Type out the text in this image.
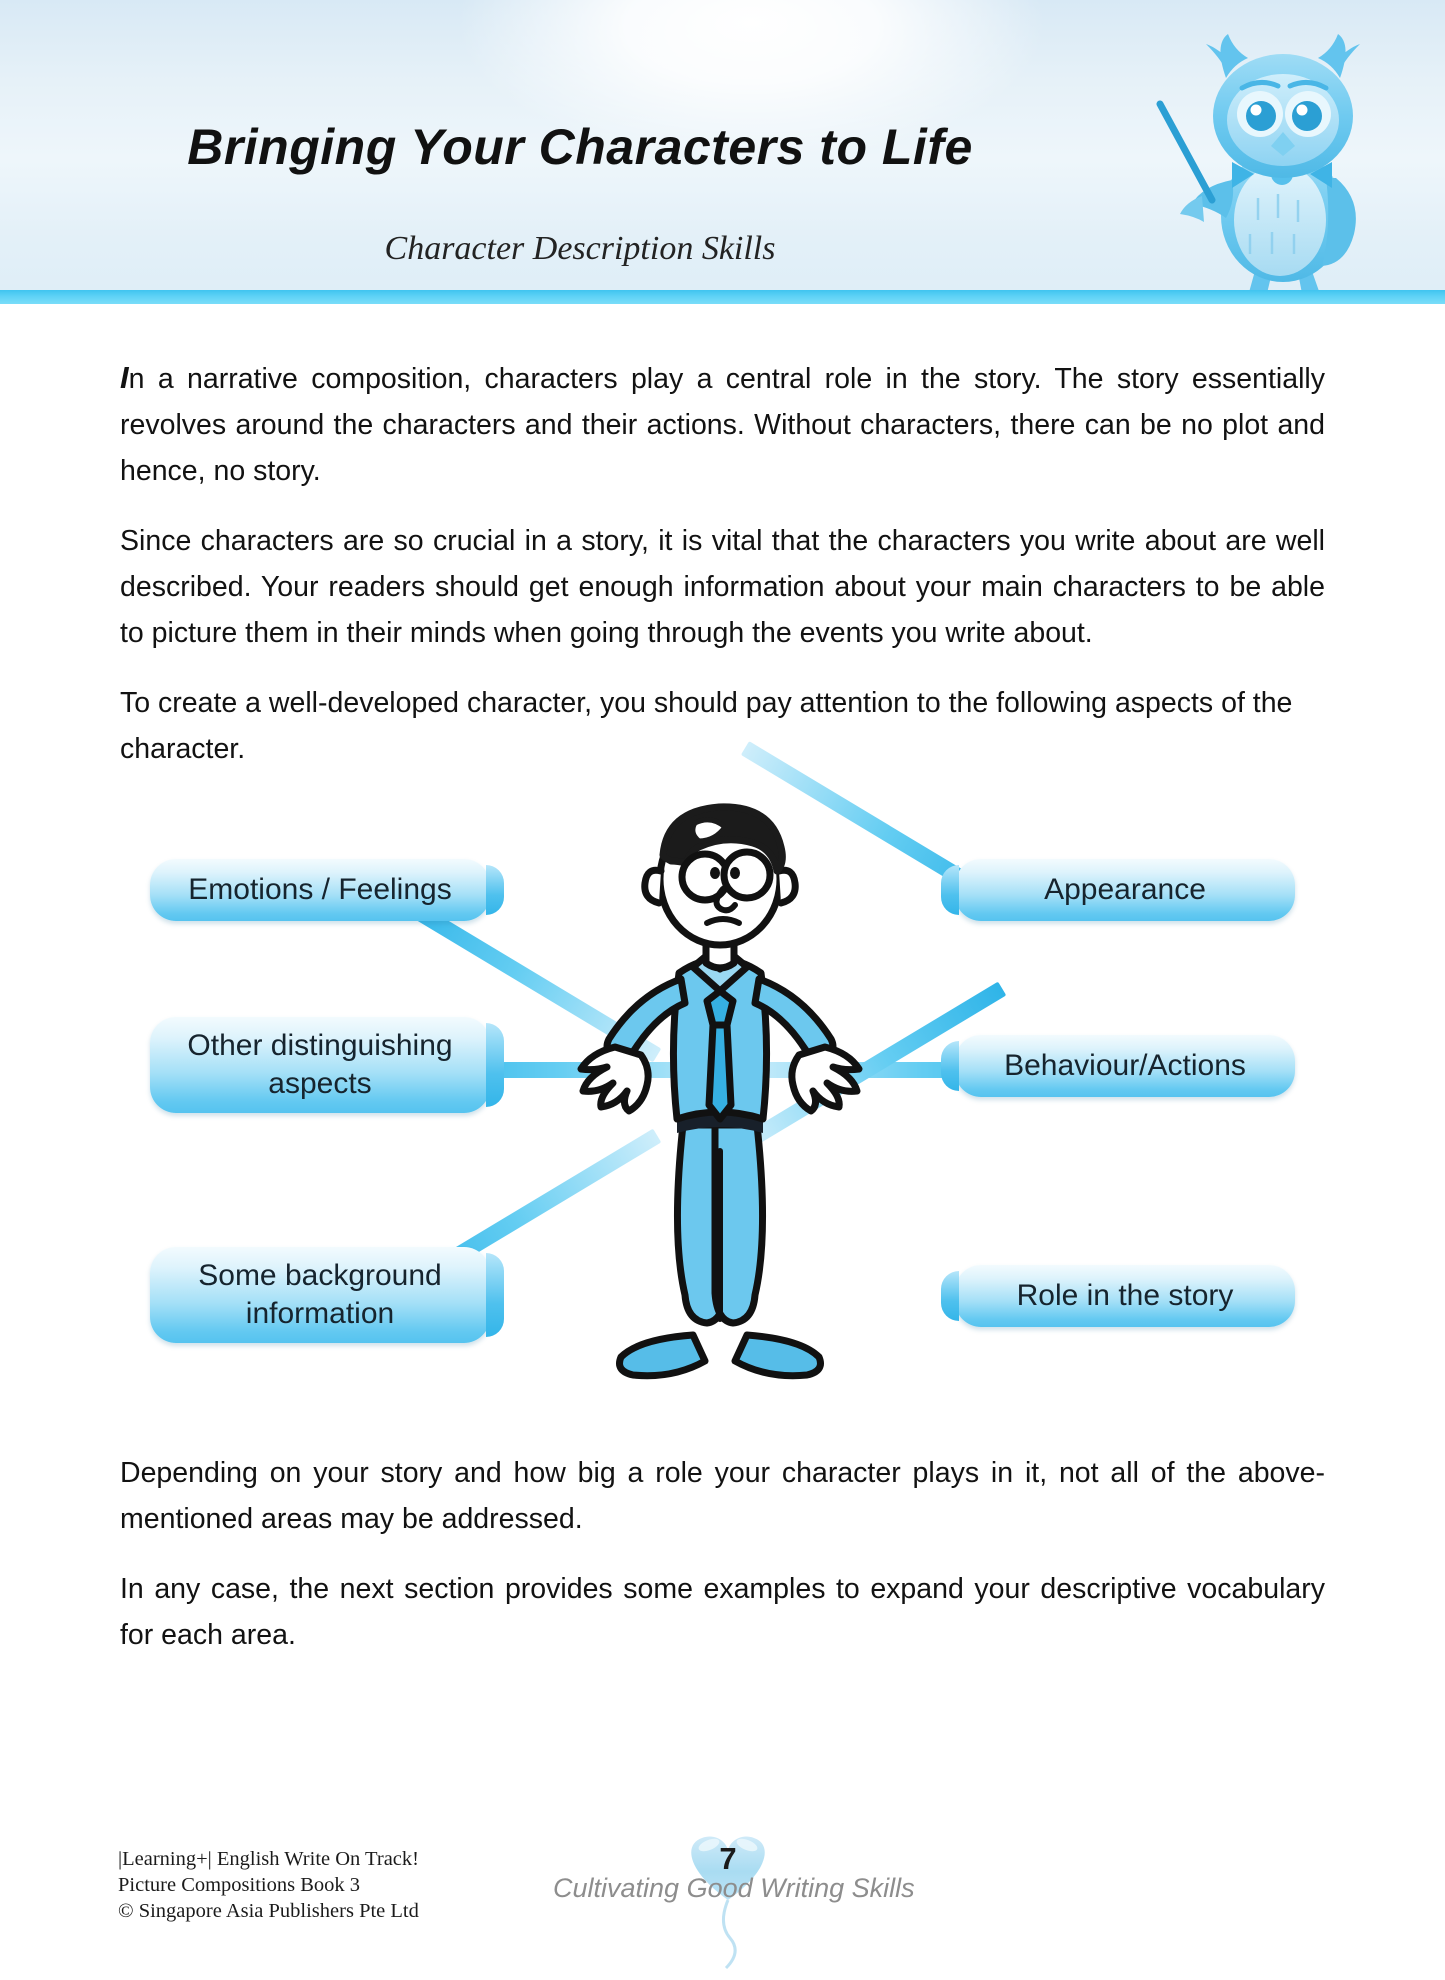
Bringing Your Characters to Life
Character Description Skills

In a narrative composition, characters play a central role in the story. The story essentially revolves around the characters and their actions. Without characters, there can be no plot and hence, no story.

Since characters are so crucial in a story, it is vital that the characters you write about are well described. Your readers should get enough information about your main characters to be able to picture them in their minds when going through the events you write about.

To create a well-developed character, you should pay attention to the following aspects of the character.

Emotions / Feelings
Other distinguishing aspects
Some background information
Appearance
Behaviour/Actions
Role in the story

Depending on your story and how big a role your character plays in it, not all of the above-mentioned areas may be addressed.

In any case, the next section provides some examples to expand your descriptive vocabulary for each area.

|Learning+| English Write On Track!
Picture Compositions Book 3
© Singapore Asia Publishers Pte Ltd
7
Cultivating Good Writing Skills
